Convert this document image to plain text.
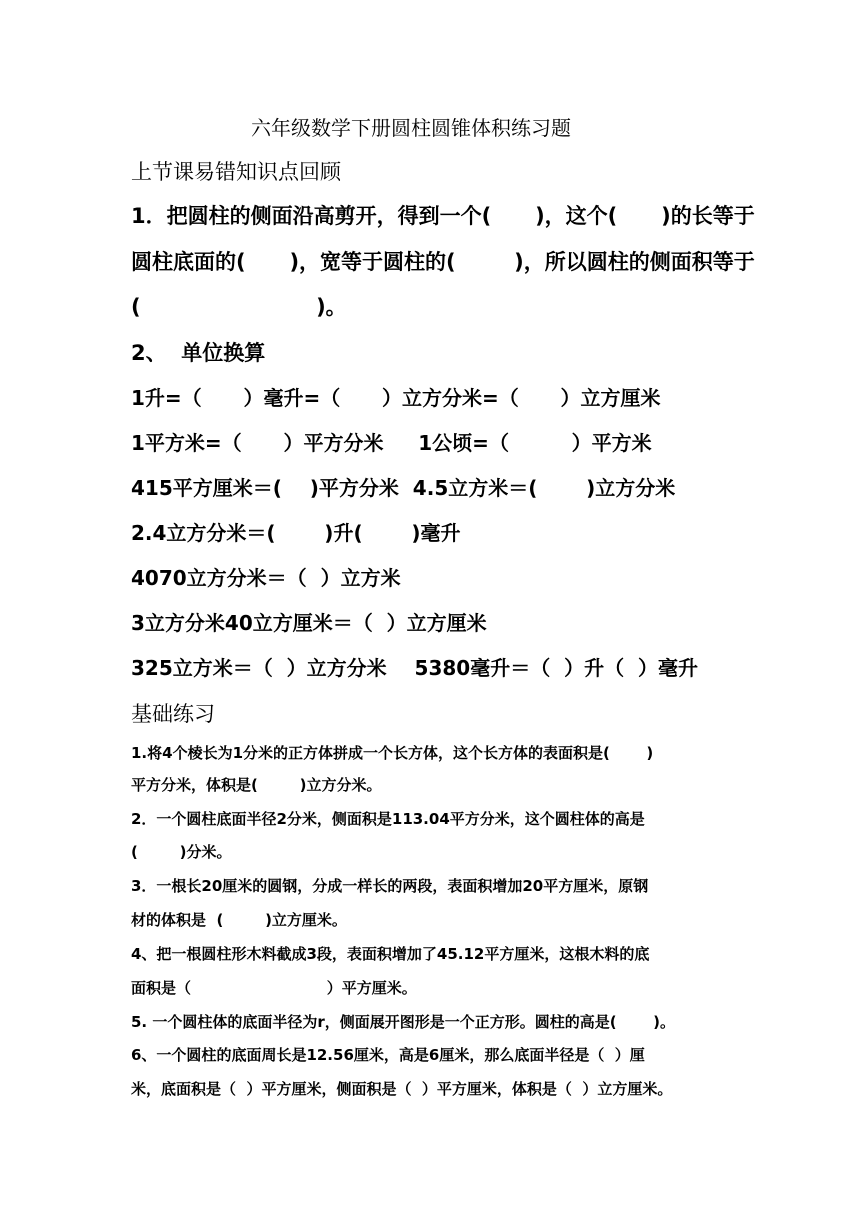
六年级数学下册圆柱圆锥体积练习题
上节课易错知识点回顾
1．把圆柱的侧面沿高剪开，得到一个(      )，这个(      )的长等于
圆柱底面的(      )，宽等于圆柱的(        )，所以圆柱的侧面积等于
(                        )。
2、  单位换算
1升=（      ）毫升=（      ）立方分米=（      ）立方厘米
1平方米=（      ）平方分米     1公顷=（         ）平方米
415平方厘米＝(    )平方分米  4.5立方米＝(       )立方分米
2.4立方分米＝(       )升(       )毫升
4070立方分米＝（  ）立方米
3立方分米40立方厘米＝（  ）立方厘米
325立方米＝（  ）立方分米    5380毫升＝（  ）升（  ）毫升
基础练习
1.将4个棱长为1分米的正方体拼成一个长方体，这个长方体的表面积是(       )
平方分米，体积是(        )立方分米。
2．一个圆柱底面半径2分米，侧面积是113.04平方分米，这个圆柱体的高是
(        )分米。
3．一根长20厘米的圆钢，分成一样长的两段，表面积增加20平方厘米，原钢
材的体积是  (        )立方厘米。
4、把一根圆柱形木料截成3段，表面积增加了45.12平方厘米，这根木料的底
面积是（                          ）平方厘米。
5. 一个圆柱体的底面半径为r，侧面展开图形是一个正方形。圆柱的高是(       )。
6、一个圆柱的底面周长是12.56厘米，高是6厘米，那么底面半径是（  ）厘
米，底面积是（  ）平方厘米，侧面积是（  ）平方厘米，体积是（  ）立方厘米。
